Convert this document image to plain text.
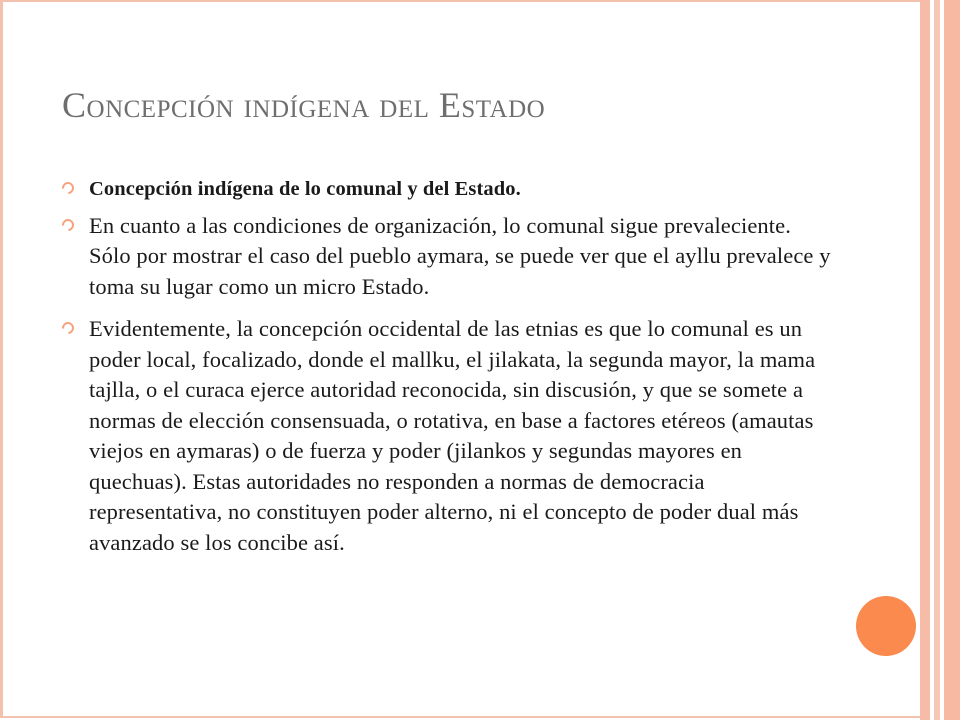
Concepción indígena del Estado
Concepción indígena de lo comunal y del Estado.
En cuanto a las condiciones de organización, lo comunal sigue prevaleciente. Sólo por mostrar el caso del pueblo aymara, se puede ver que el ayllu prevalece y toma su lugar como un micro Estado.
Evidentemente, la concepción occidental de las etnias es que lo comunal es un poder local, focalizado, donde el mallku, el jilakata, la segunda mayor, la mama tajlla, o el curaca ejerce autoridad reconocida, sin discusión, y que se somete a normas de elección consensuada, o rotativa, en base a factores etéreos (amautas viejos en aymaras) o de fuerza y poder (jilankos y segundas mayores en quechuas). Estas autoridades no responden a normas de democracia representativa, no constituyen poder alterno, ni el concepto de poder dual más avanzado se los concibe así.
